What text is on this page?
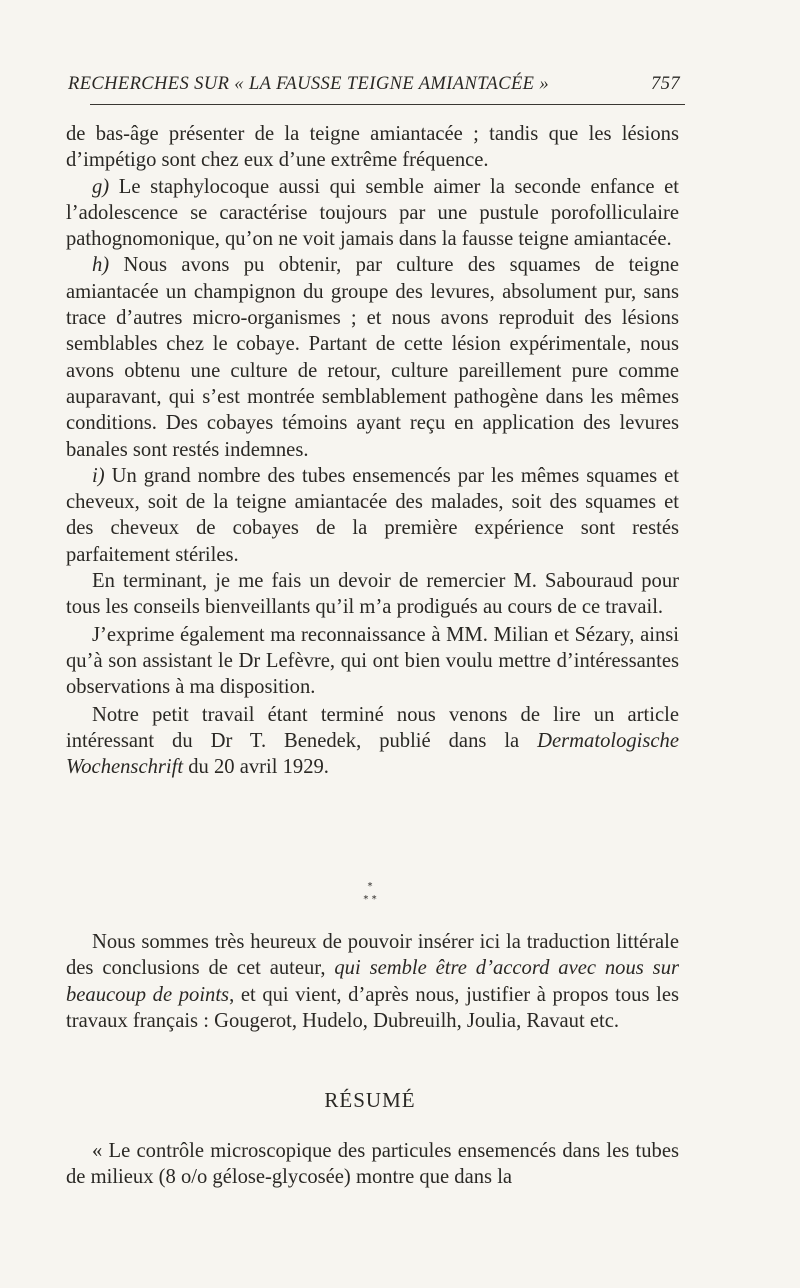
RECHERCHES SUR « LA FAUSSE TEIGNE AMIANTACÉE »	757

de bas-âge présenter de la teigne amiantacée ; tandis que les lésions d’impétigo sont chez eux d’une extrême fréquence.

g) Le staphylocoque aussi qui semble aimer la seconde enfance et l’adolescence se caractérise toujours par une pustule porofolliculaire pathognomonique, qu’on ne voit jamais dans la fausse teigne amiantacée.

h) Nous avons pu obtenir, par culture des squames de teigne amiantacée un champignon du groupe des levures, absolument pur, sans trace d’autres micro-organismes ; et nous avons reproduit des lésions semblables chez le cobaye. Partant de cette lésion expérimentale, nous avons obtenu une culture de retour, culture pareillement pure comme auparavant, qui s’est montrée semblablement pathogène dans les mêmes conditions. Des cobayes témoins ayant reçu en application des levures banales sont restés indemnes.

i) Un grand nombre des tubes ensemencés par les mêmes squames et cheveux, soit de la teigne amiantacée des malades, soit des squames et des cheveux de cobayes de la première expérience sont restés parfaitement stériles.

En terminant, je me fais un devoir de remercier M. Sabouraud pour tous les conseils bienveillants qu’il m’a prodigués au cours de ce travail.

J’exprime également ma reconnaissance à MM. Milian et Sézary, ainsi qu’à son assistant le Dr Lefèvre, qui ont bien voulu mettre d’intéressantes observations à ma disposition.

Notre petit travail étant terminé nous venons de lire un article intéressant du Dr T. Benedek, publié dans la Dermatologische Wochenschrift du 20 avril 1929.

*
* *

Nous sommes très heureux de pouvoir insérer ici la traduction littérale des conclusions de cet auteur, qui semble être d’accord avec nous sur beaucoup de points, et qui vient, d’après nous, justifier à propos tous les travaux français : Gougerot, Hudelo, Dubreuilh, Joulia, Ravaut etc.

RÉSUMÉ

« Le contrôle microscopique des particules ensemencés dans les tubes de milieux (8 o/o gélose-glycosée) montre que dans la
